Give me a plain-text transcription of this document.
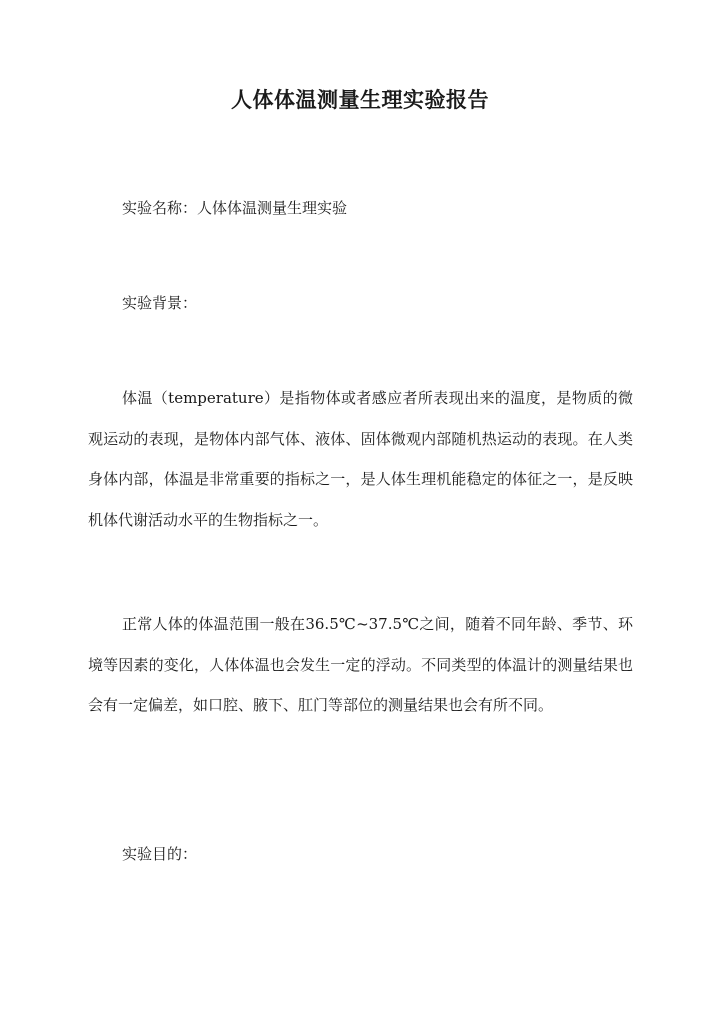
人体体温测量生理实验报告
实验名称：人体体温测量生理实验
实验背景：
体温（temperature）是指物体或者感应者所表现出来的温度，是物质的微观运动的表现，是物体内部气体、液体、固体微观内部随机热运动的表现。在人类身体内部，体温是非常重要的指标之一，是人体生理机能稳定的体征之一，是反映机体代谢活动水平的生物指标之一。
正常人体的体温范围一般在36.5℃~37.5℃之间，随着不同年龄、季节、环境等因素的变化，人体体温也会发生一定的浮动。不同类型的体温计的测量结果也会有一定偏差，如口腔、腋下、肛门等部位的测量结果也会有所不同。
实验目的：
